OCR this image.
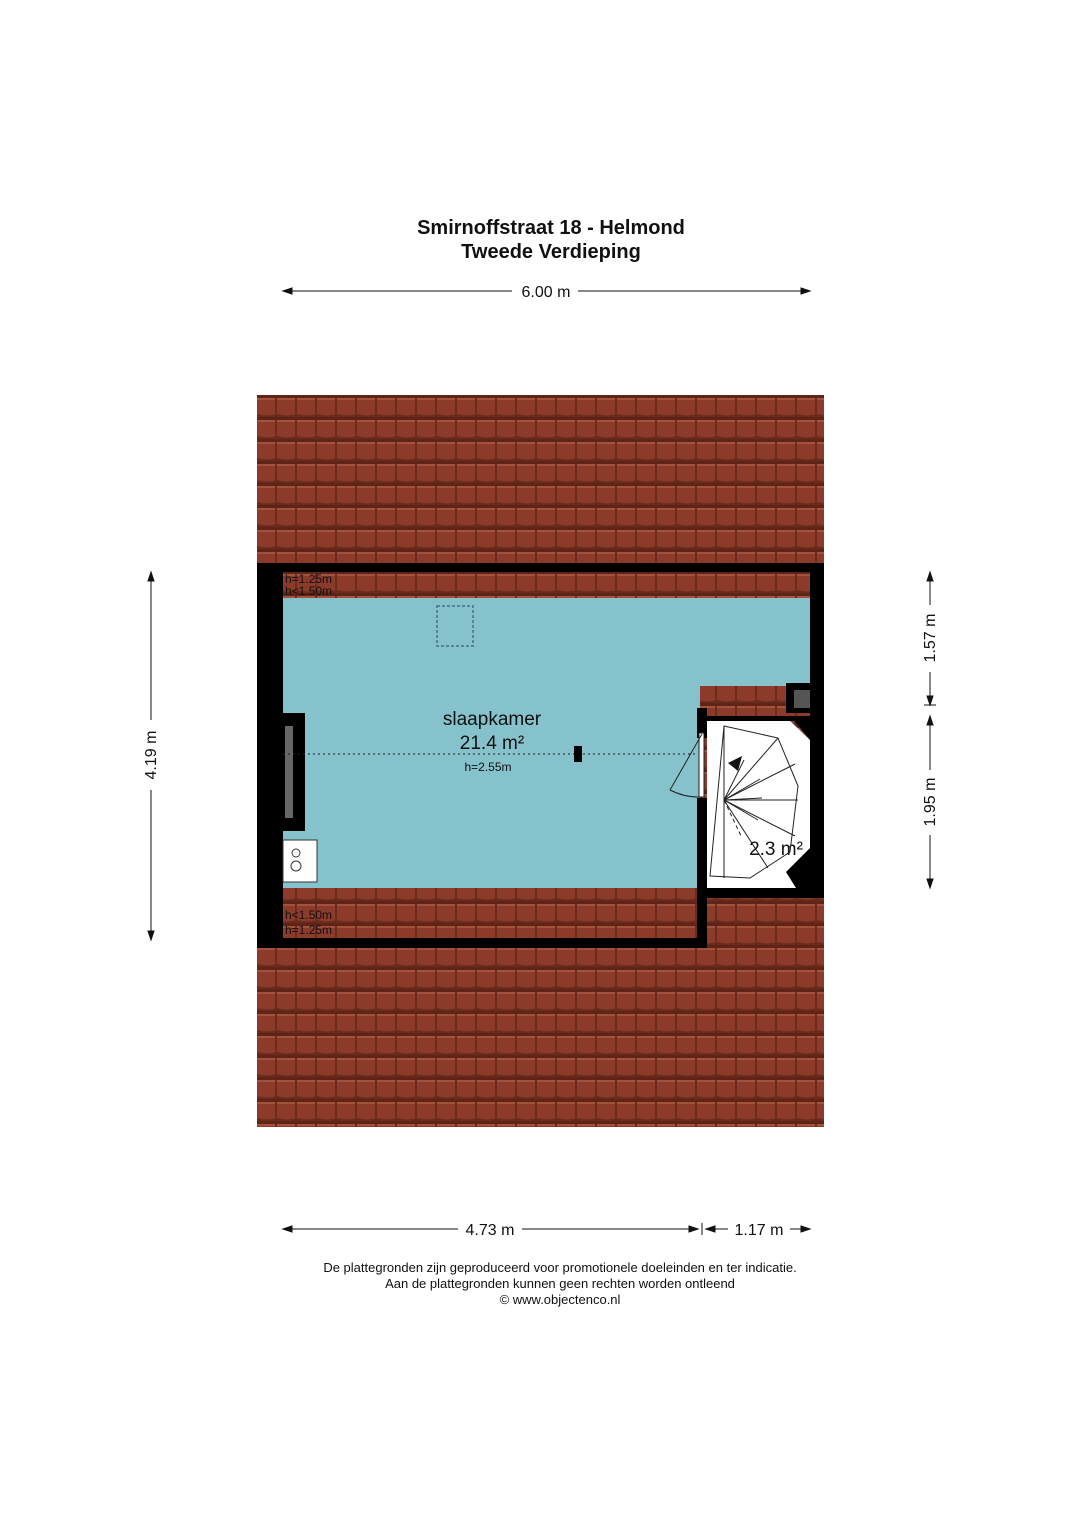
Smirnoffstraat 18 - Helmond
Tweede Verdieping
slaapkamer
21.4 m²
h=2.55m
2.3 m²
h=1.25m
h<1.50m
h<1.50m
h=1.25m
6.00 m
4.19 m
1.57 m
1.95 m
4.73 m	1.17 m
De plattegronden zijn geproduceerd voor promotionele doeleinden en ter indicatie.
Aan de plattegronden kunnen geen rechten worden ontleend
© www.objectenco.nl
